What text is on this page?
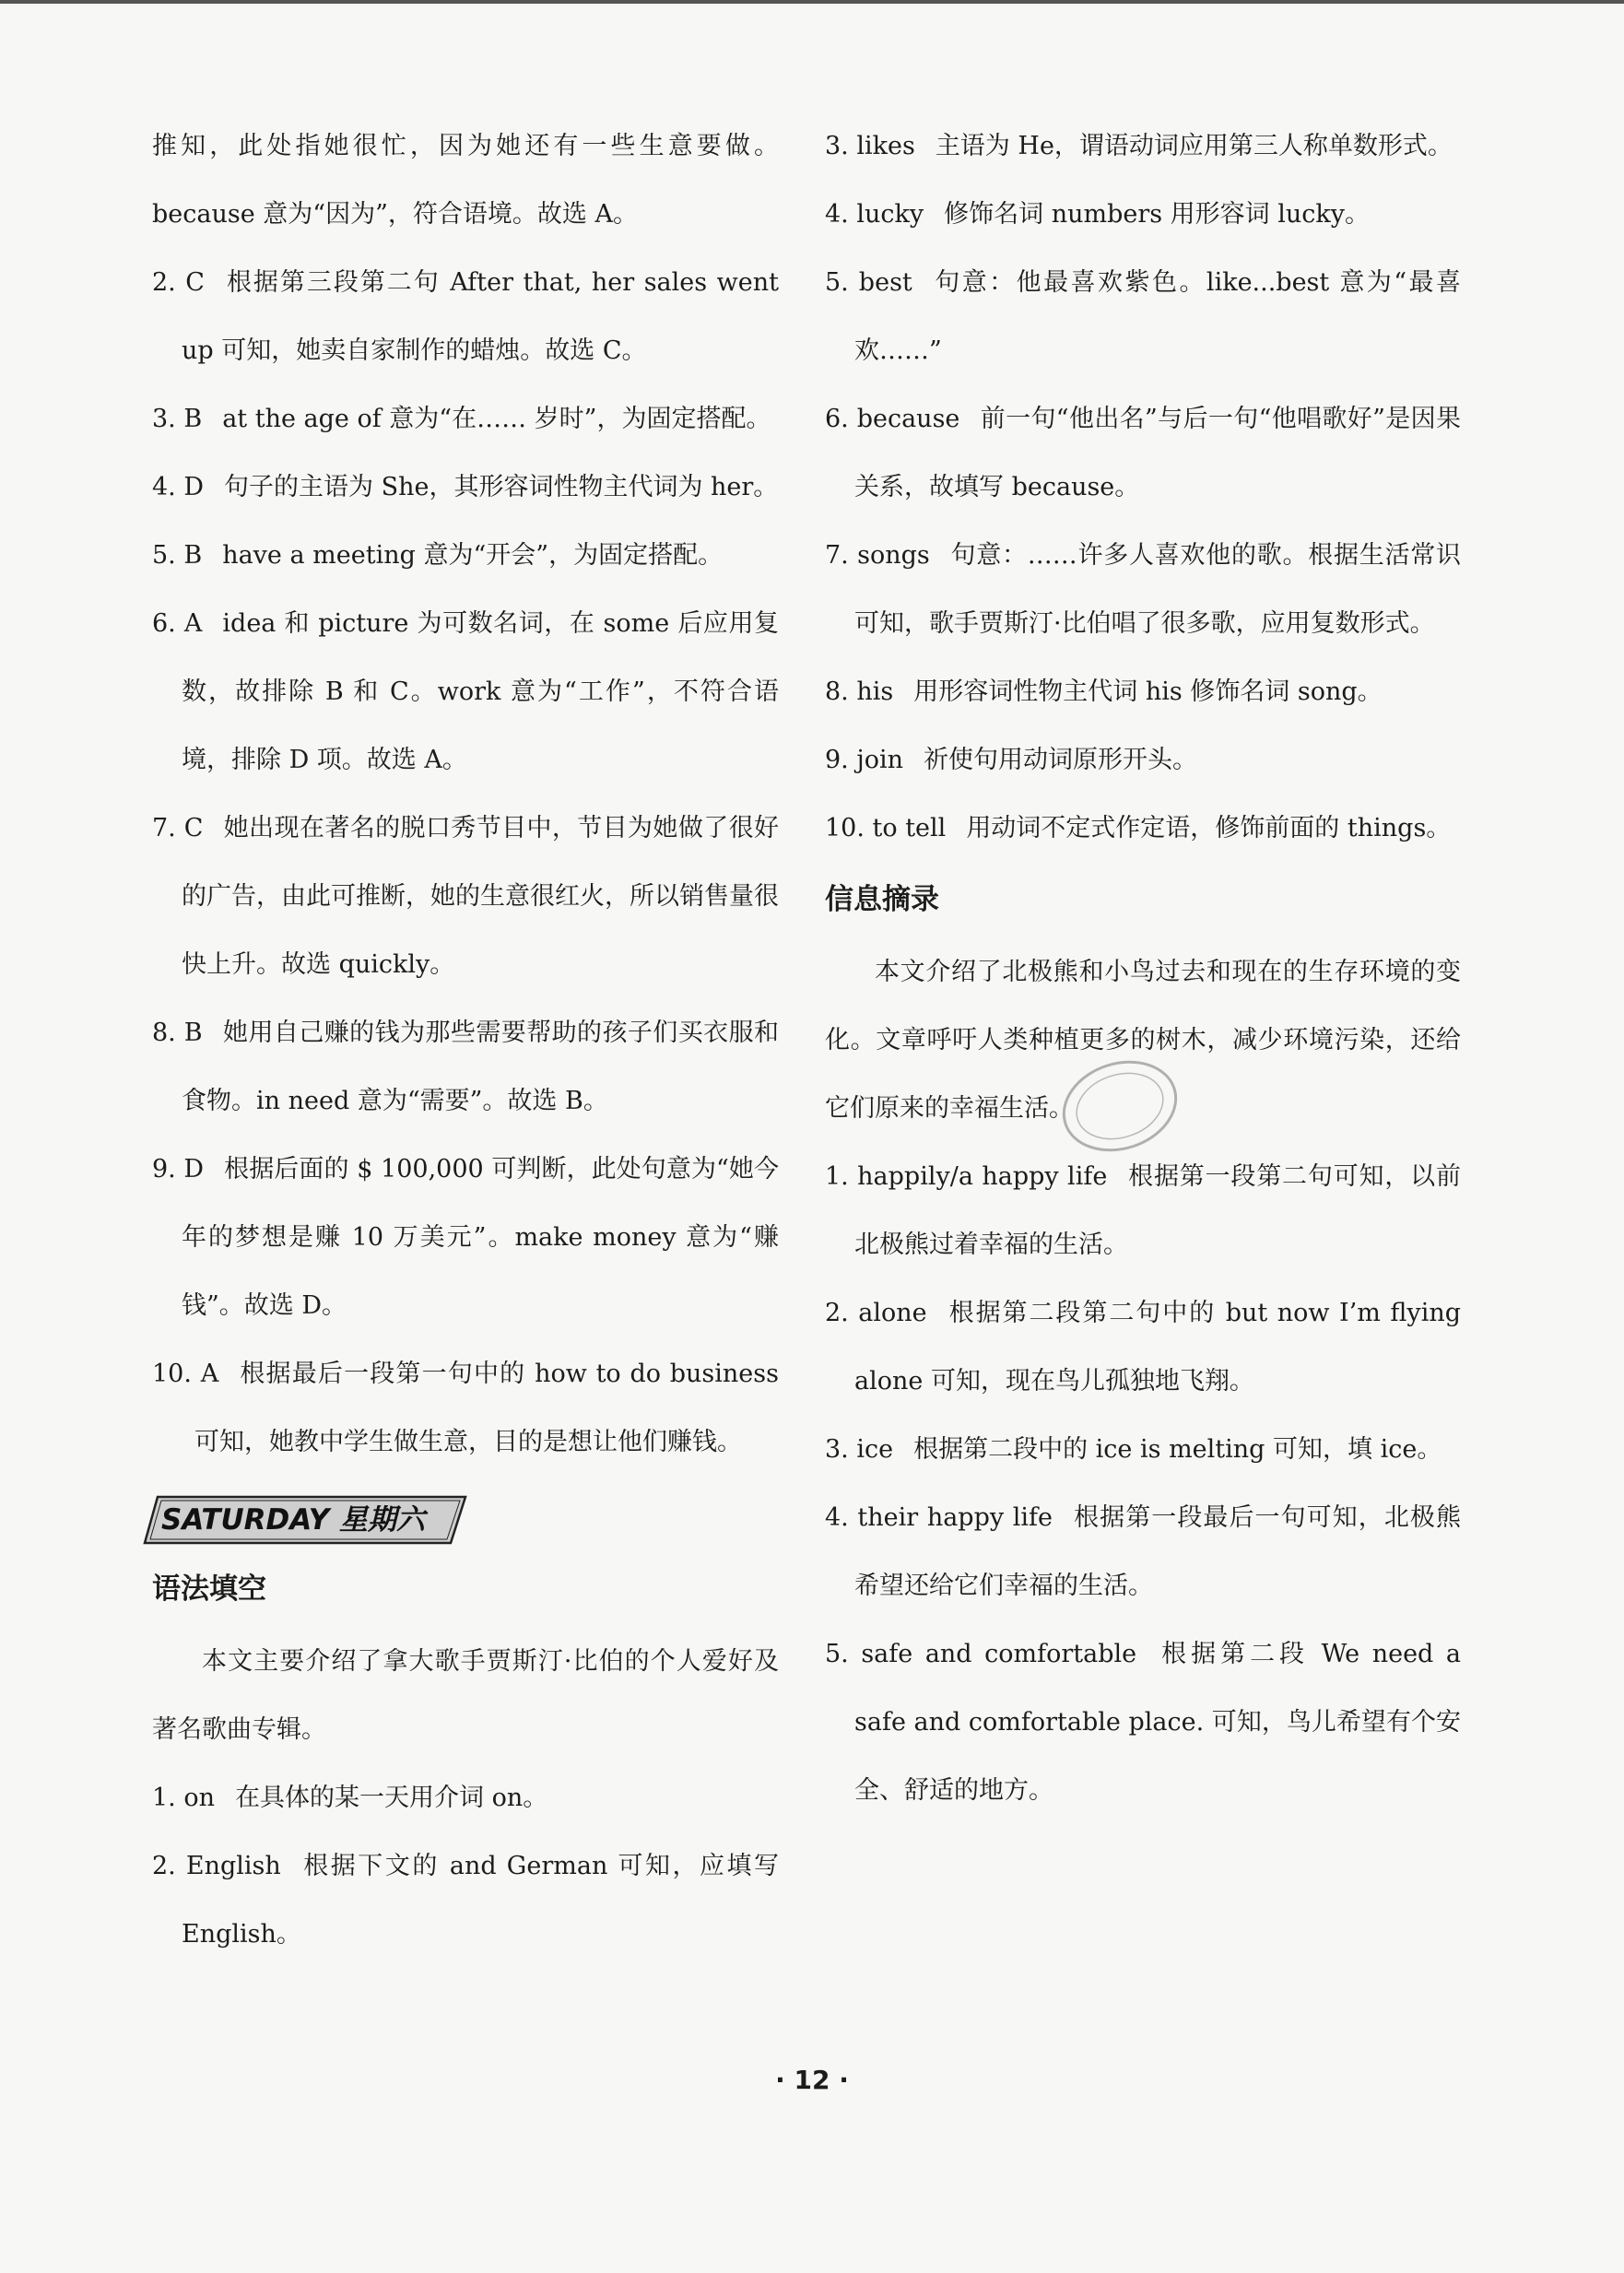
推知，此处指她很忙，因为她还有一些生意要做。because 意为“因为”，符合语境。故选 A。

2. C 根据第三段第二句 After that, her sales went up 可知，她卖自家制作的蜡烛。故选 C。

3. B at the age of 意为“在…… 岁时”，为固定搭配。

4. D 句子的主语为 She，其形容词性物主代词为 her。

5. B have a meeting 意为“开会”，为固定搭配。

6. A idea 和 picture 为可数名词，在 some 后应用复数，故排除 B 和 C。work 意为“工作”，不符合语境，排除 D 项。故选 A。

7. C 她出现在著名的脱口秀节目中，节目为她做了很好的广告，由此可推断，她的生意很红火，所以销售量很快上升。故选 quickly。

8. B 她用自己赚的钱为那些需要帮助的孩子们买衣服和食物。in need 意为“需要”。故选 B。

9. D 根据后面的 $ 100,000 可判断，此处句意为“她今年的梦想是赚 10 万美元”。make money 意为“赚钱”。故选 D。

10. A 根据最后一段第一句中的 how to do business 可知，她教中学生做生意，目的是想让他们赚钱。

SATURDAY 星期六
语法填空

本文主要介绍了拿大歌手贾斯汀·比伯的个人爱好及著名歌曲专辑。

1. on 在具体的某一天用介词 on。

2. English 根据下文的 and German 可知，应填写 English。

3. likes 主语为 He，谓语动词应用第三人称单数形式。

4. lucky 修饰名词 numbers 用形容词 lucky。

5. best 句意：他最喜欢紫色。like...best 意为“最喜欢……”

6. because 前一句“他出名”与后一句“他唱歌好”是因果关系，故填写 because。

7. songs 句意：……许多人喜欢他的歌。根据生活常识可知，歌手贾斯汀·比伯唱了很多歌，应用复数形式。

8. his 用形容词性物主代词 his 修饰名词 song。

9. join 祈使句用动词原形开头。

10. to tell 用动词不定式作定语，修饰前面的 things。

信息摘录

本文介绍了北极熊和小鸟过去和现在的生存环境的变化。文章呼吁人类种植更多的树木，减少环境污染，还给它们原来的幸福生活。

1. happily/a happy life 根据第一段第二句可知，以前北极熊过着幸福的生活。

2. alone 根据第二段第二句中的 but now I’m flying alone 可知，现在鸟儿孤独地飞翔。

3. ice 根据第二段中的 ice is melting 可知，填 ice。

4. their happy life 根据第一段最后一句可知，北极熊希望还给它们幸福的生活。

5. safe and comfortable 根据第二段 We need a safe and comfortable place. 可知，鸟儿希望有个安全、舒适的地方。

· 12 ·
